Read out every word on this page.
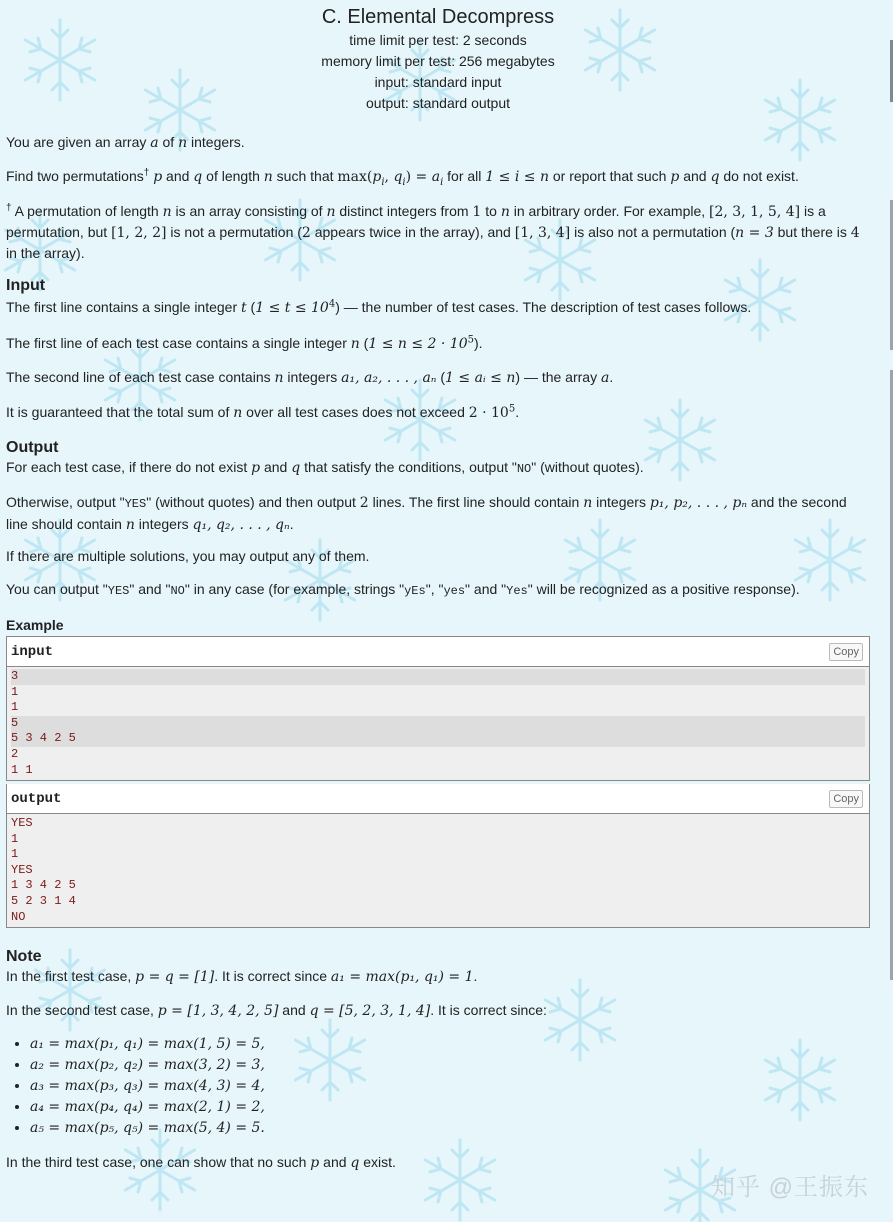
C. Elemental Decompress
time limit per test: 2 seconds
memory limit per test: 256 megabytes
input: standard input
output: standard output

You are given an array a of n integers.

Find two permutations† p and q of length n such that $\max(p_i$, $q_i) = a_i$ for all 1 ≤ i ≤ n or report that such p and q do not exist.

† A permutation of length n is an array consisting of n distinct integers from 1 to n in arbitrary order. For example, [2, 3, 1, 5, 4] is a permutation, but [1, 2, 2] is not a permutation (2 appears twice in the array), and [1, 3, 4] is also not a permutation (n = 3 but there is 4 in the array).

Input

The first line contains a single integer t $(1 \le t \le 10^4)$ — the number of test cases. The description of test cases follows.

The first line of each test case contains a single integer n $(1 \le n \le 2 \cdot 10^5)$.

The second line of each test case contains n integers a₁, a₂, . . . , aₙ (1 ≤ aᵢ ≤ n) — the array a.

It is guaranteed that the total sum of n over all test cases does not exceed $2 \cdot 10^5$.

Output

For each test case, if there do not exist p and q that satisfy the conditions, output "NO" (without quotes).

Otherwise, output "YES" (without quotes) and then output 2 lines. The first line should contain n integers p₁, p₂, . . . , pₙ and the second line should contain n integers q₁, q₂, . . . , qₙ.

If there are multiple solutions, you may output any of them.

You can output "YES" and "NO" in any case (for example, strings "yEs", "yes" and "Yes" will be recognized as a positive response).

Example
input	Copy
3
1
1
5
5 3 4 2 5
2
1 1
output	Copy
YES
1
1
YES
1 3 4 2 5
5 2 3 1 4
NO
Note

In the first test case, p = q = [1]. It is correct since a₁ = max(p₁, q₁) = 1.

In the second test case, p = [1, 3, 4, 2, 5] and q = [5, 2, 3, 1, 4]. It is correct since:

• a₁ = max(p₁, q₁) = max(1, 5) = 5,
• a₂ = max(p₂, q₂) = max(3, 2) = 3,
• a₃ = max(p₃, q₃) = max(4, 3) = 4,
• a₄ = max(p₄, q₄) = max(2, 1) = 2,
• a₅ = max(p₅, q₅) = max(5, 4) = 5.

In the third test case, one can show that no such p and q exist.

知乎 @王振东
